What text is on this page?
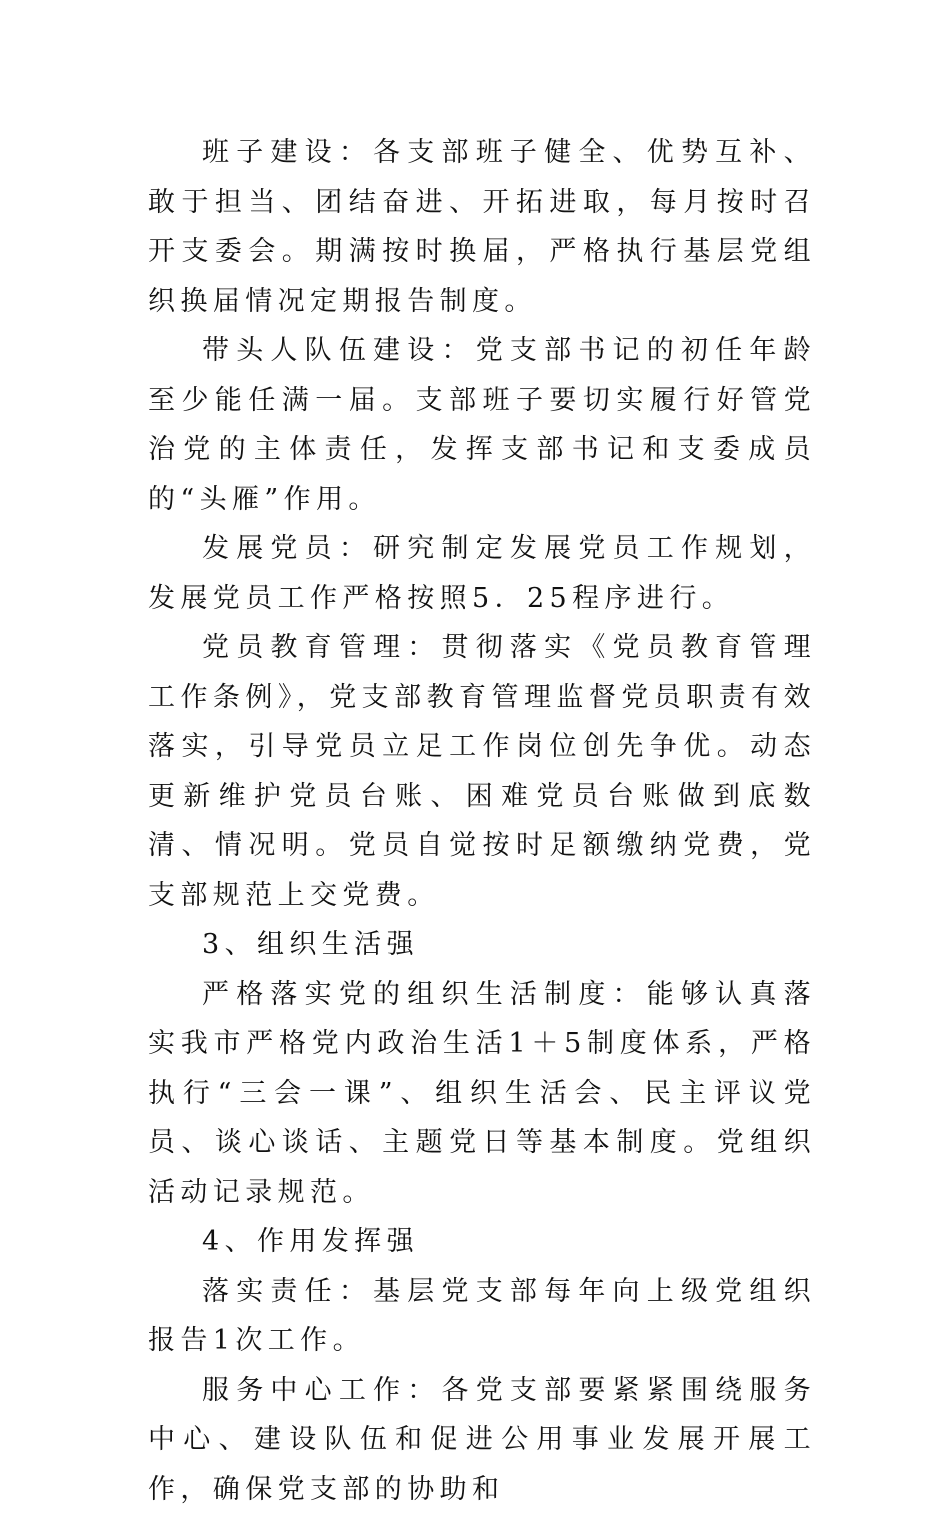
班子建设：各支部班子健全、优势互补、敢于担当、团结奋进、开拓进取，每月按时召开支委会。期满按时换届，严格执行基层党组织换届情况定期报告制度。

带头人队伍建设：党支部书记的初任年龄至少能任满一届。支部班子要切实履行好管党治党的主体责任，发挥支部书记和支委成员的“头雁”作用。

发展党员：研究制定发展党员工作规划，发展党员工作严格按照5．25程序进行。

党员教育管理：贯彻落实《党员教育管理工作条例》，党支部教育管理监督党员职责有效落实，引导党员立足工作岗位创先争优。动态更新维护党员台账、困难党员台账做到底数清、情况明。党员自觉按时足额缴纳党费，党支部规范上交党费。

3、组织生活强

严格落实党的组织生活制度：能够认真落实我市严格党内政治生活1＋5制度体系，严格执行“三会一课”、组织生活会、民主评议党员、谈心谈话、主题党日等基本制度。党组织活动记录规范。

4、作用发挥强

落实责任：基层党支部每年向上级党组织报告1次工作。

服务中心工作：各党支部要紧紧围绕服务中心、建设队伍和促进公用事业发展开展工作，确保党支部的协助和
